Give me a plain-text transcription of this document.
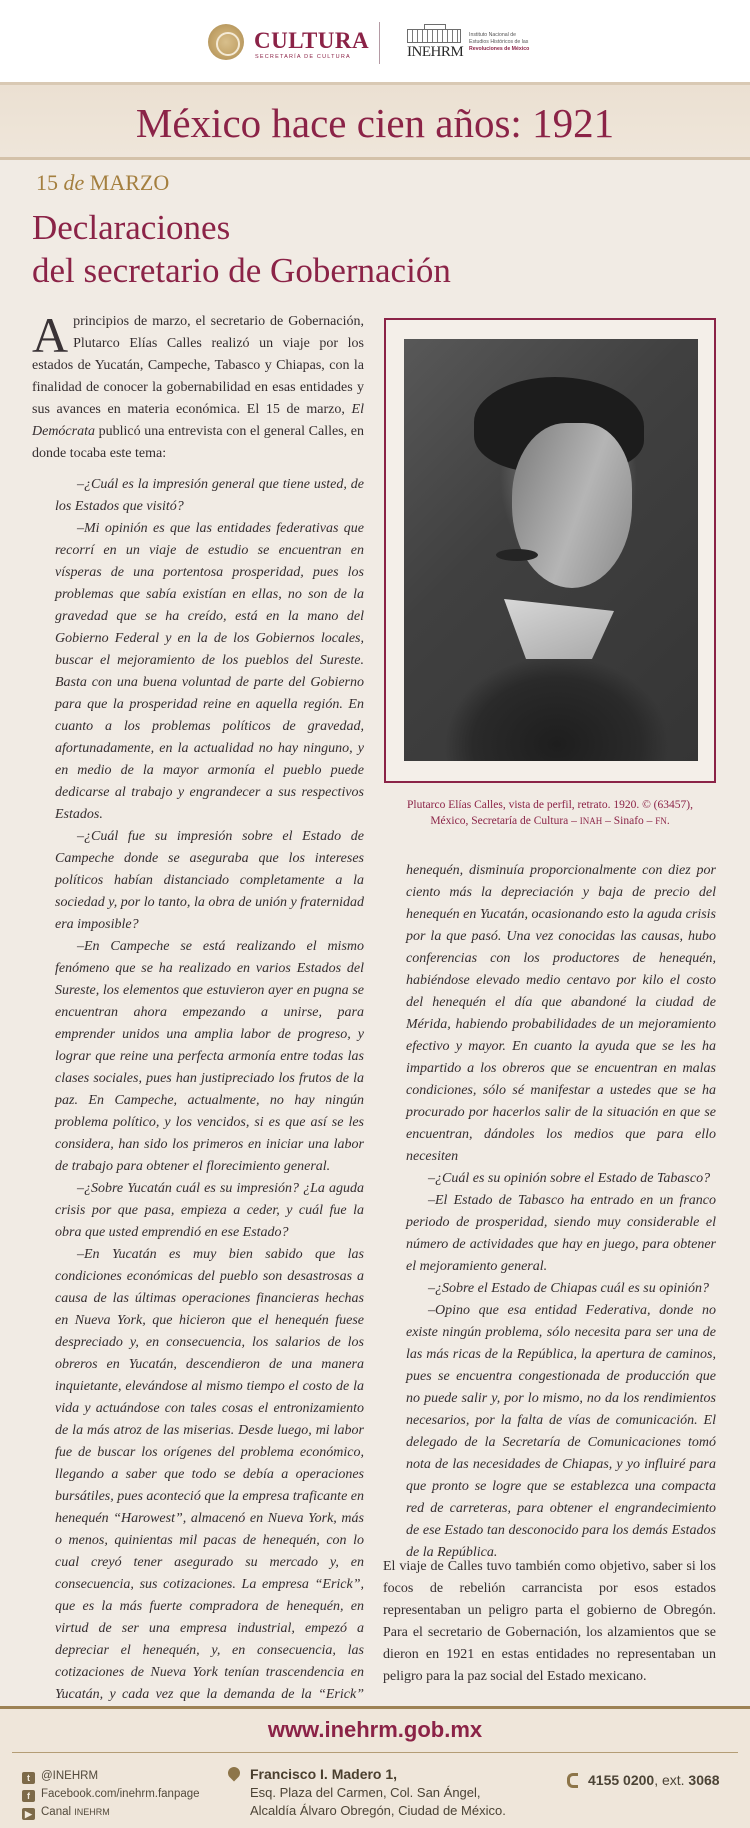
CULTURA
SECRETARÍA DE CULTURA	INEHRM
Instituto Nacional de
Estudios Históricos de las
Revoluciones de México
México hace cien años: 1921
15 de MARZO
Declaraciones
del secretario de Gobernación

Aprincipios de marzo, el secretario de Gobernación, Plutarco Elías Calles realizó un viaje por los estados de Yucatán, Campeche, Tabasco y Chiapas, con la finalidad de conocer la gobernabilidad en esas entidades y sus avances en materia económica. El 15 de marzo, El Demócrata publicó una entrevista con el general Calles, en donde tocaba este tema:

–¿Cuál es la impresión general que tiene usted, de los Estados que visitó?

–Mi opinión es que las entidades federativas que recorrí en un viaje de estudio se encuentran en vísperas de una portentosa prosperidad, pues los problemas que sabía existían en ellas, no son de la gravedad que se ha creído, está en la mano del Gobierno Federal y en la de los Gobiernos locales, buscar el mejoramiento de los pueblos del Sureste. Basta con una buena voluntad de parte del Gobierno para que la prosperidad reine en aquella región. En cuanto a los problemas políticos de gravedad, afortunadamente, en la actualidad no hay ninguno, y en medio de la mayor armonía el pueblo puede dedicarse al trabajo y engrandecer a sus respectivos Estados.

–¿Cuál fue su impresión sobre el Estado de Campeche donde se aseguraba que los intereses políticos habían distanciado completamente a la sociedad y, por lo tanto, la obra de unión y fraternidad era imposible?

–En Campeche se está realizando el mismo fenómeno que se ha realizado en varios Estados del Sureste, los elementos que estuvieron ayer en pugna se encuentran ahora empezando a unirse, para emprender unidos una amplia labor de progreso, y lograr que reine una perfecta armonía entre todas las clases sociales, pues han justipreciado los frutos de la paz. En Campeche, actualmente, no hay ningún problema político, y los vencidos, si es que así se les considera, han sido los primeros en iniciar una labor de trabajo para obtener el florecimiento general.

–¿Sobre Yucatán cuál es su impresión? ¿La aguda crisis por que pasa, empieza a ceder, y cuál fue la obra que usted emprendió en ese Estado?

–En Yucatán es muy bien sabido que las condiciones económicas del pueblo son desastrosas a causa de las últimas operaciones financieras hechas en Nueva York, que hicieron que el henequén fuese despreciado y, en consecuencia, los salarios de los obreros en Yucatán, descendieron de una manera inquietante, elevándose al mismo tiempo el costo de la vida y actuándose con tales cosas el entronizamiento de la más atroz de las miserias. Desde luego, mi labor fue de buscar los orígenes del problema económico, llegando a saber que todo se debía a operaciones bursátiles, pues aconteció que la empresa traficante en henequén “Harowest”, almacenó en Nueva York, más o menos, quinientas mil pacas de henequén, con lo cual creyó tener asegurado su mercado y, en consecuencia, sus cotizaciones. La empresa “Erick”, que es la más fuerte compradora de henequén, en virtud de ser una empresa industrial, empezó a depreciar el henequén, y, en consecuencia, las cotizaciones de Nueva York tenían trascendencia en Yucatán, y cada vez que la demanda de la “Erick”

Plutarco Elías Calles, vista de perfil, retrato. 1920. © (63457),
México, Secretaría de Cultura – INAH – Sinafo – FN.

henequén, disminuía proporcionalmente con diez por ciento más la depreciación y baja de precio del henequén en Yucatán, ocasionando esto la aguda crisis por la que pasó. Una vez conocidas las causas, hubo conferencias con los productores de henequén, habiéndose elevado medio centavo por kilo el costo del henequén el día que abandoné la ciudad de Mérida, habiendo probabilidades de un mejoramiento efectivo y mayor. En cuanto la ayuda que se les ha impartido a los obreros que se encuentran en malas condiciones, sólo sé manifestar a ustedes que se ha procurado por hacerlos salir de la situación en que se encuentran, dándoles los medios que para ello necesiten

–¿Cuál es su opinión sobre el Estado de Tabasco?

–El Estado de Tabasco ha entrado en un franco periodo de prosperidad, siendo muy considerable el número de actividades que hay en juego, para obtener el mejoramiento general.

–¿Sobre el Estado de Chiapas cuál es su opinión?

–Opino que esa entidad Federativa, donde no existe ningún problema, sólo necesita para ser una de las más ricas de la República, la apertura de caminos, pues se encuentra congestionada de producción que no puede salir y, por lo mismo, no da los rendimientos necesarios, por la falta de vías de comunicación. El delegado de la Secretaría de Comunicaciones tomó nota de las necesidades de Chiapas, y yo influiré para que pronto se logre que se establezca una compacta red de carreteras, para obtener el engrandecimiento de ese Estado tan desconocido para los demás Estados de la República.

El viaje de Calles tuvo también como objetivo, saber si los focos de rebelión carrancista por esos estados representaban un peligro parta el gobierno de Obregón. Para el secretario de Gobernación, los alzamientos que se dieron en 1921 en estas entidades no representaban un peligro para la paz social del Estado mexicano.
www.inehrm.gob.mx
t @INEHRM
f Facebook.com/inehrm.fanpage
▶ Canal INEHRM
Francisco I. Madero 1,
Esq. Plaza del Carmen, Col. San Ángel,
Alcaldía Álvaro Obregón, Ciudad de México.
4155 0200, ext. 3068
